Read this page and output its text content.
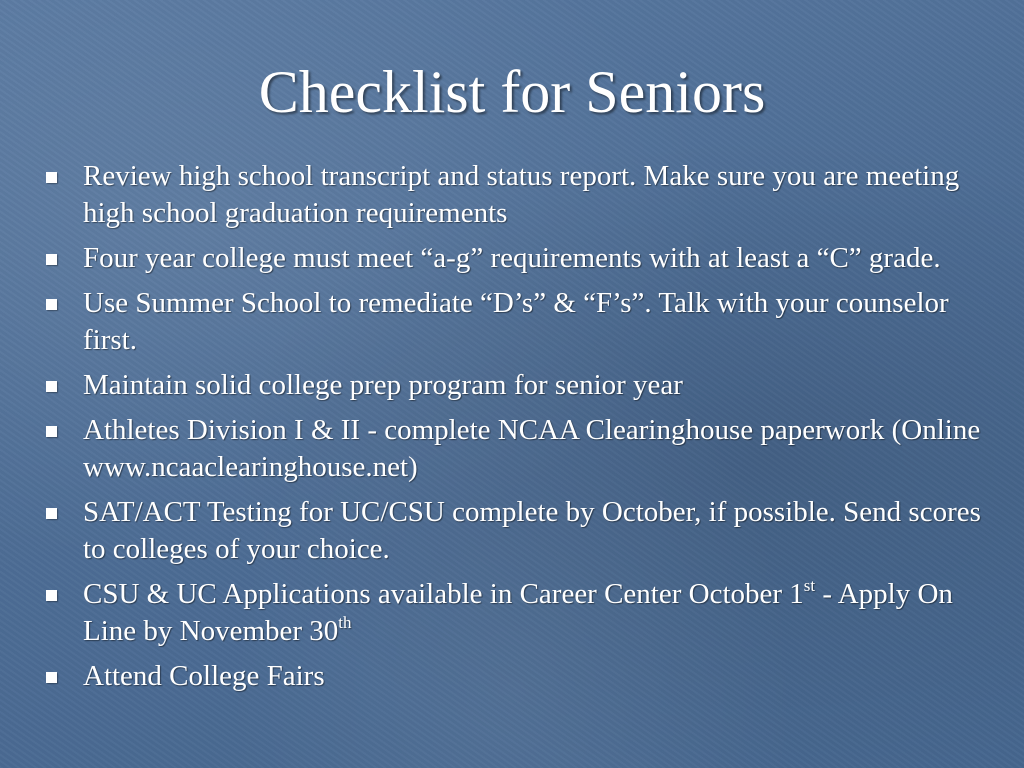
Checklist for Seniors
Review high school transcript and status report. Make sure you are meeting high school graduation requirements
Four year college must meet “a-g” requirements with at least a “C” grade.
Use Summer School to remediate “D’s” & “F’s”. Talk with your counselor first.
Maintain solid college prep program for senior year
Athletes Division I & II - complete NCAA Clearinghouse paperwork (Online www.ncaaclearinghouse.net)
SAT/ACT Testing for UC/CSU complete by October, if possible. Send scores to colleges of your choice.
CSU & UC Applications available in Career Center October 1st - Apply On Line by November 30th
Attend College Fairs
